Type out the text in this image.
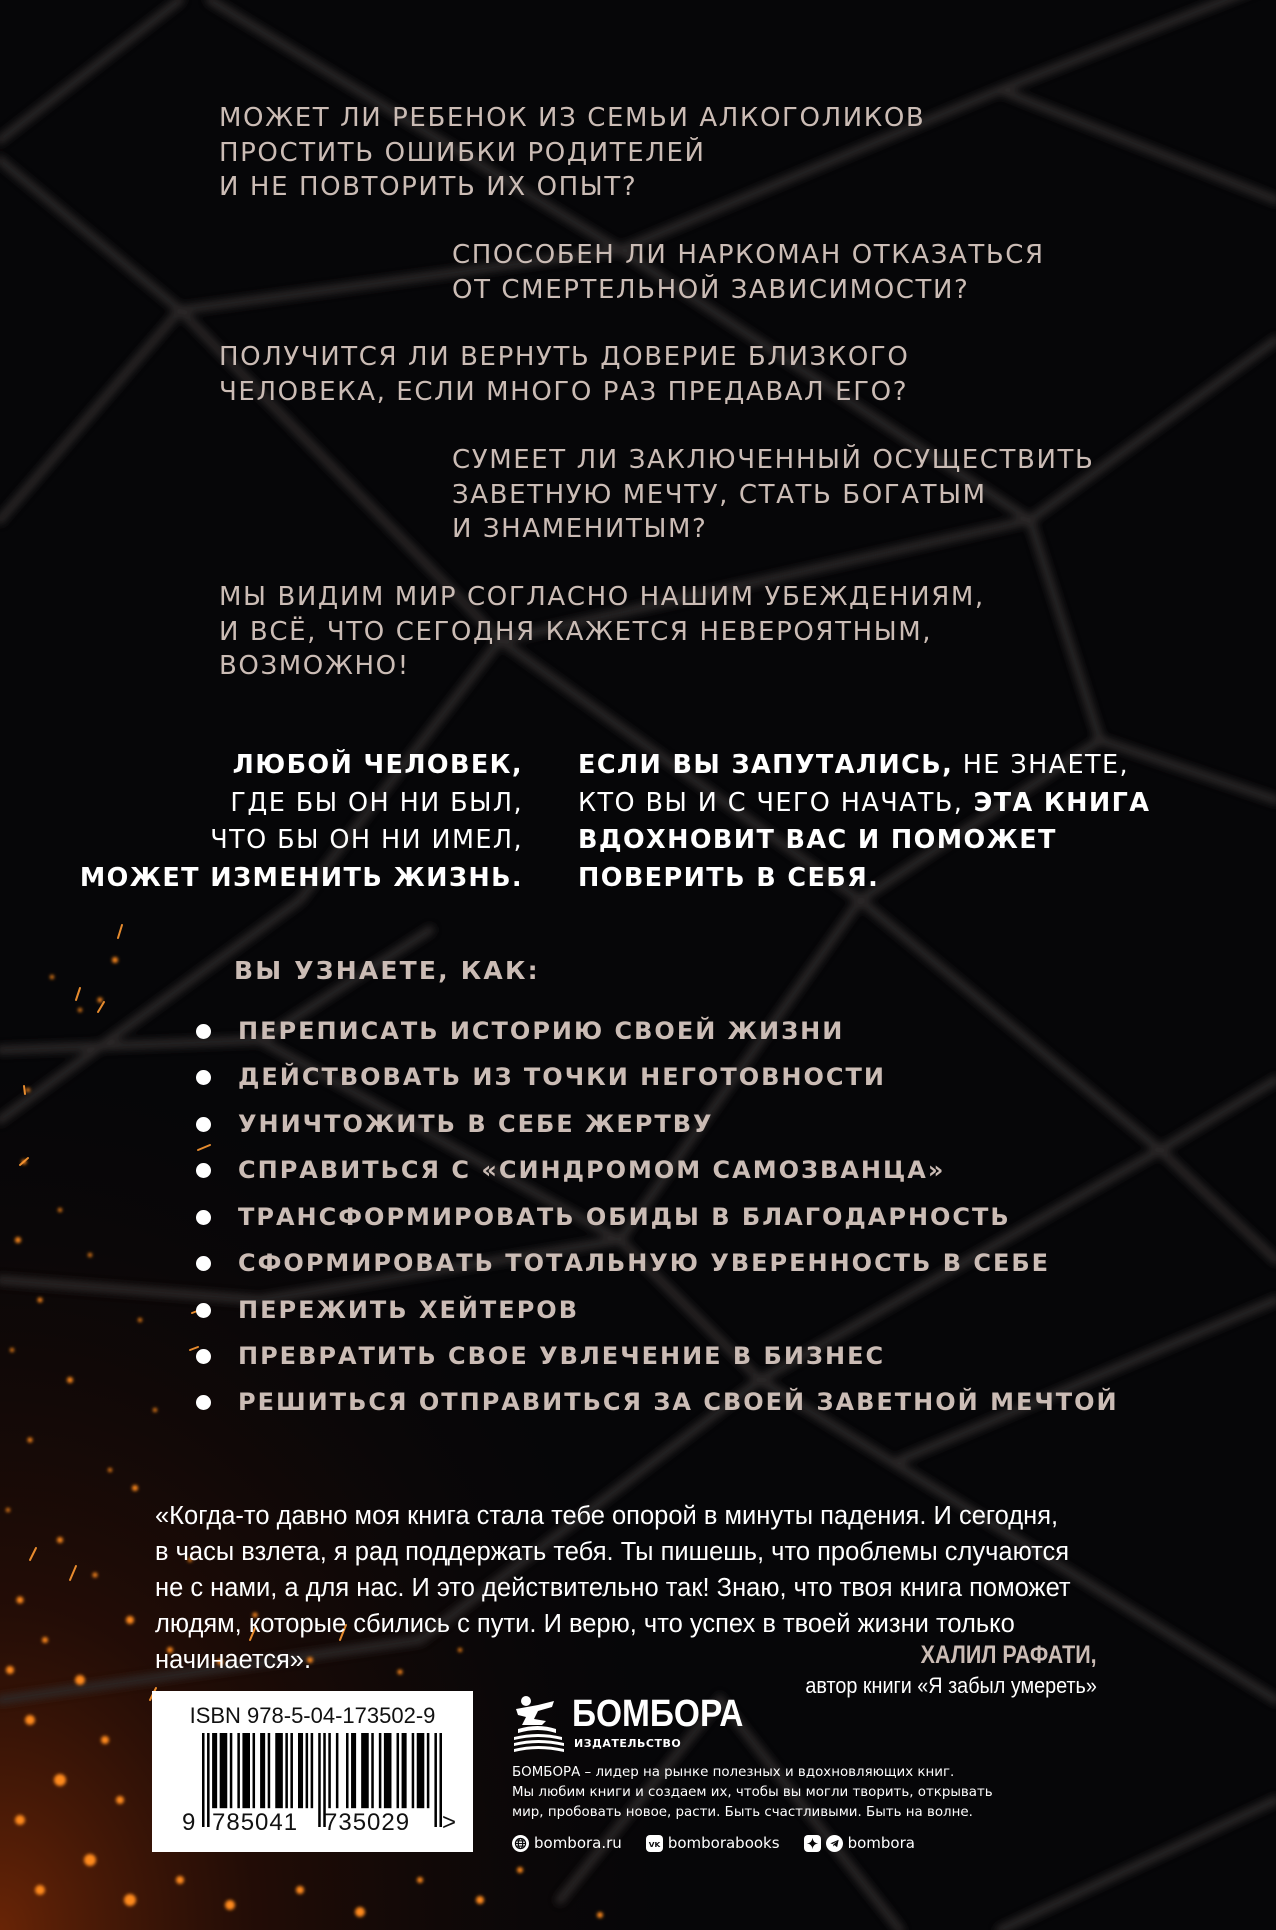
МОЖЕТ ЛИ РЕБЕНОК ИЗ СЕМЬИ АЛКОГОЛИКОВ
ПРОСТИТЬ ОШИБКИ РОДИТЕЛЕЙ
И НЕ ПОВТОРИТЬ ИХ ОПЫТ?
СПОСОБЕН ЛИ НАРКОМАН ОТКАЗАТЬСЯ
ОТ СМЕРТЕЛЬНОЙ ЗАВИСИМОСТИ?
ПОЛУЧИТСЯ ЛИ ВЕРНУТЬ ДОВЕРИЕ БЛИЗКОГО
ЧЕЛОВЕКА, ЕСЛИ МНОГО РАЗ ПРЕДАВАЛ ЕГО?
СУМЕЕТ ЛИ ЗАКЛЮЧЕННЫЙ ОСУЩЕСТВИТЬ
ЗАВЕТНУЮ МЕЧТУ, СТАТЬ БОГАТЫМ
И ЗНАМЕНИТЫМ?
МЫ ВИДИМ МИР СОГЛАСНО НАШИМ УБЕЖДЕНИЯМ,
И ВСЁ, ЧТО СЕГОДНЯ КАЖЕТСЯ НЕВЕРОЯТНЫМ,
ВОЗМОЖНО!
ЛЮБОЙ ЧЕЛОВЕК,
ГДЕ БЫ ОН НИ БЫЛ,
ЧТО БЫ ОН НИ ИМЕЛ,
МОЖЕТ ИЗМЕНИТЬ ЖИЗНЬ.
ЕСЛИ ВЫ ЗАПУТАЛИСЬ, НЕ ЗНАЕТЕ,
КТО ВЫ И С ЧЕГО НАЧАТЬ, ЭТА КНИГА
ВДОХНОВИТ ВАС И ПОМОЖЕТ
ПОВЕРИТЬ В СЕБЯ.
ВЫ УЗНАЕТЕ, КАК:
ПЕРЕПИСАТЬ ИСТОРИЮ СВОЕЙ ЖИЗНИ
ДЕЙСТВОВАТЬ ИЗ ТОЧКИ НЕГОТОВНОСТИ
УНИЧТОЖИТЬ В СЕБЕ ЖЕРТВУ
СПРАВИТЬСЯ С «СИНДРОМОМ САМОЗВАНЦА»
ТРАНСФОРМИРОВАТЬ ОБИДЫ В БЛАГОДАРНОСТЬ
СФОРМИРОВАТЬ ТОТАЛЬНУЮ УВЕРЕННОСТЬ В СЕБЕ
ПЕРЕЖИТЬ ХЕЙТЕРОВ
ПРЕВРАТИТЬ СВОЕ УВЛЕЧЕНИЕ В БИЗНЕС
РЕШИТЬСЯ ОТПРАВИТЬСЯ ЗА СВОЕЙ ЗАВЕТНОЙ МЕЧТОЙ
«Когда-то давно моя книга стала тебе опорой в минуты падения. И сегодня,
в часы взлета, я рад поддержать тебя. Ты пишешь, что проблемы случаются
не с нами, а для нас. И это действительно так! Знаю, что твоя книга поможет
людям, которые сбились с пути. И верю, что успех в твоей жизни только
начинается».	ХАЛИЛ РАФАТИ,
автор книги «Я забыл умереть»
ISBN 978-5-04-173502-9
9 785041 735029 >
БОМБОРА
ИЗДАТЕЛЬСТВО
БОМБОРА – лидер на рынке полезных и вдохновляющих книг.
Мы любим книги и создаем их, чтобы вы могли творить, открывать
мир, пробовать новое, расти. Быть счастливыми. Быть на волне.
bombora.ru	VK bomborabooks	bombora
